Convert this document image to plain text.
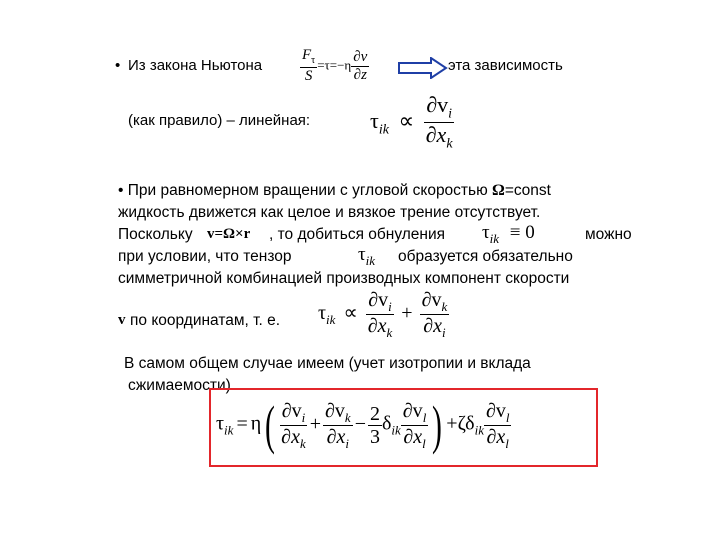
• Из закона Ньютона	$\frac{F_\tau}{S} =\tau=-\eta \frac{\partial v}{\partial z}$	эта зависимость
(как правило) – линейная:	$\tau_{ik} \propto \frac{\partial v_i}{\partial x_k}$
• При равномерном вращении с угловой скоростью Ω=const
жидкость движется как целое и вязкое трение отсутствует.
Поскольку v=Ω×r , то добиться обнуления $\tau_{ik} \equiv 0$	можно
при условии, что тензор	$\tau_{ik}$ образуется обязательно
симметричной комбинацией производных компонент скорости
v по координатам, т. е. $\tau_{ik} \propto \frac{\partial v_i}{\partial x_k} + \frac{\partial v_k}{\partial x_i}$
В самом общем случае имеем (учет изотропии и вклада
сжимаемости)
$\tau_{ik} = \eta( \frac{\partial v_i}{\partial x_k} + \frac{\partial v_k}{\partial x_i} - \frac{2}{3} \delta_{ik} \frac{\partial v_l}{\partial x_l}$ ) $+\zeta\delta_{ik} \frac{\partial v_l}{\partial x_l}$
